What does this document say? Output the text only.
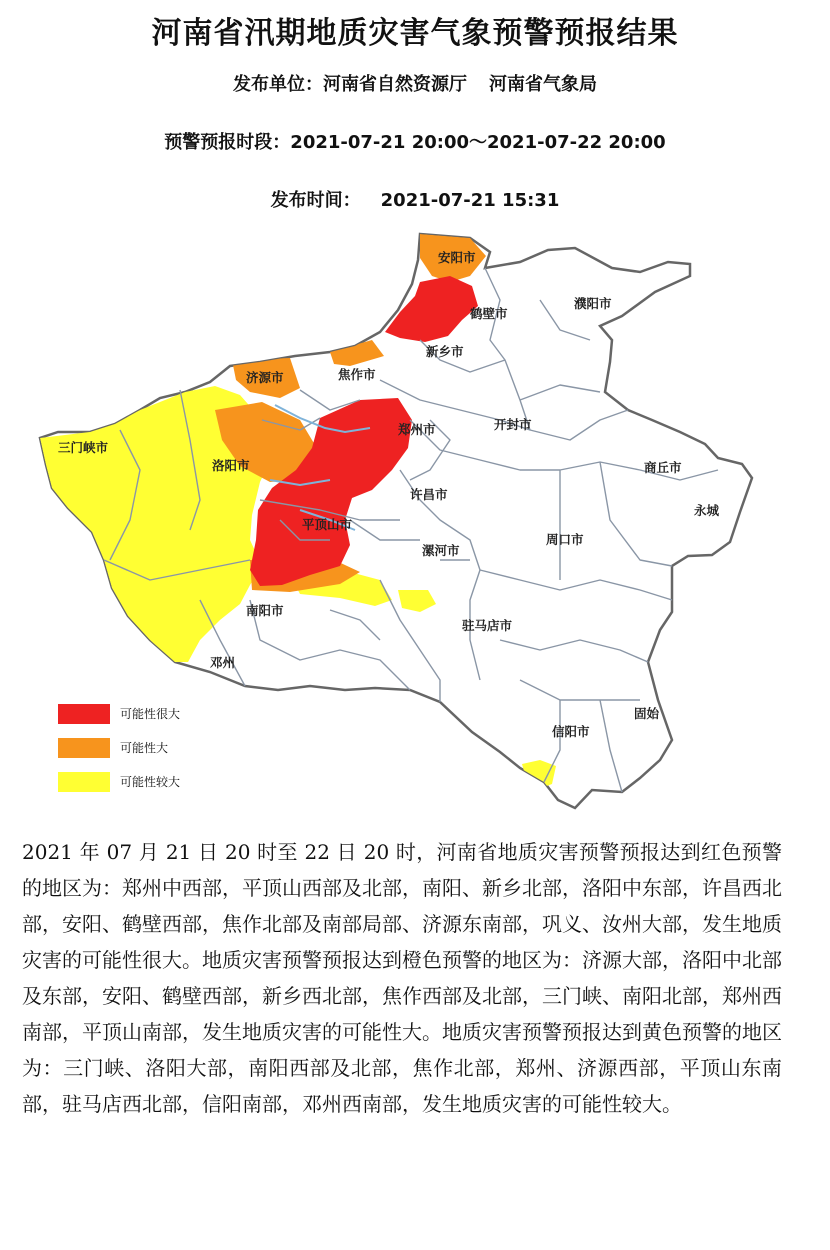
河南省汛期地质灾害气象预警预报结果
发布单位：河南省自然资源厅 河南省气象局
预警预报时段：2021-07-21 20:00～2021-07-22 20:00
发布时间： 2021-07-21 15:31
安阳市
鹤壁市
濮阳市
新乡市
济源市	焦作市
三门峡市
郑州市	开封市
商丘市
洛阳市
许昌市
永城
平顶山市
漯河市
周口市
南阳市
驻马店市
邓州
信阳市
固始
可能性很大
可能性大
可能性较大
2021 年 07 月 21 日 20 时至 22 日 20 时，河南省地质灾害预警预报达到红色预警的地区为：郑州中西部，平顶山西部及北部，南阳、新乡北部，洛阳中东部，许昌西北部，安阳、鹤壁西部，焦作北部及南部局部、济源东南部，巩义、汝州大部，发生地质灾害的可能性很大。地质灾害预警预报达到橙色预警的地区为：济源大部，洛阳中北部及东部，安阳、鹤壁西部，新乡西北部，焦作西部及北部，三门峡、南阳北部，郑州西南部，平顶山南部，发生地质灾害的可能性大。地质灾害预警预报达到黄色预警的地区为：三门峡、洛阳大部，南阳西部及北部，焦作北部，郑州、济源西部，平顶山东南部，驻马店西北部，信阳南部，邓州西南部，发生地质灾害的可能性较大。
